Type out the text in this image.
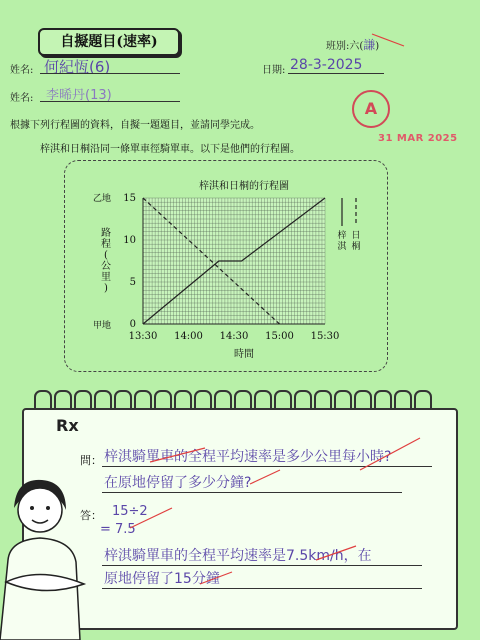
自擬題目(速率)	班別:六(謙)
姓名: 何紀恆(6)	日期: 28-3-2025
姓名: 李晞丹(13)
A
31 MAR 2025
根據下列行程圖的資料，自擬一題題目，並請同學完成。
梓淇和日桐沿同一條單車徑騎單車。以下是他們的行程圖。
梓淇和日桐的行程圖
13:30 14:00 14:30 15:00 15:30
0
5
10
15
乙地
甲地
時間
路
程
(
公
里
)
梓
淇
日
桐
Rx
問： 梓淇騎單車的全程平均速率是多少公里每小時?
在原地停留了多少分鐘?
答： 15÷2
= 7.5
梓淇騎單車的全程平均速率是7.5km/h，在
原地停留了15分鐘
